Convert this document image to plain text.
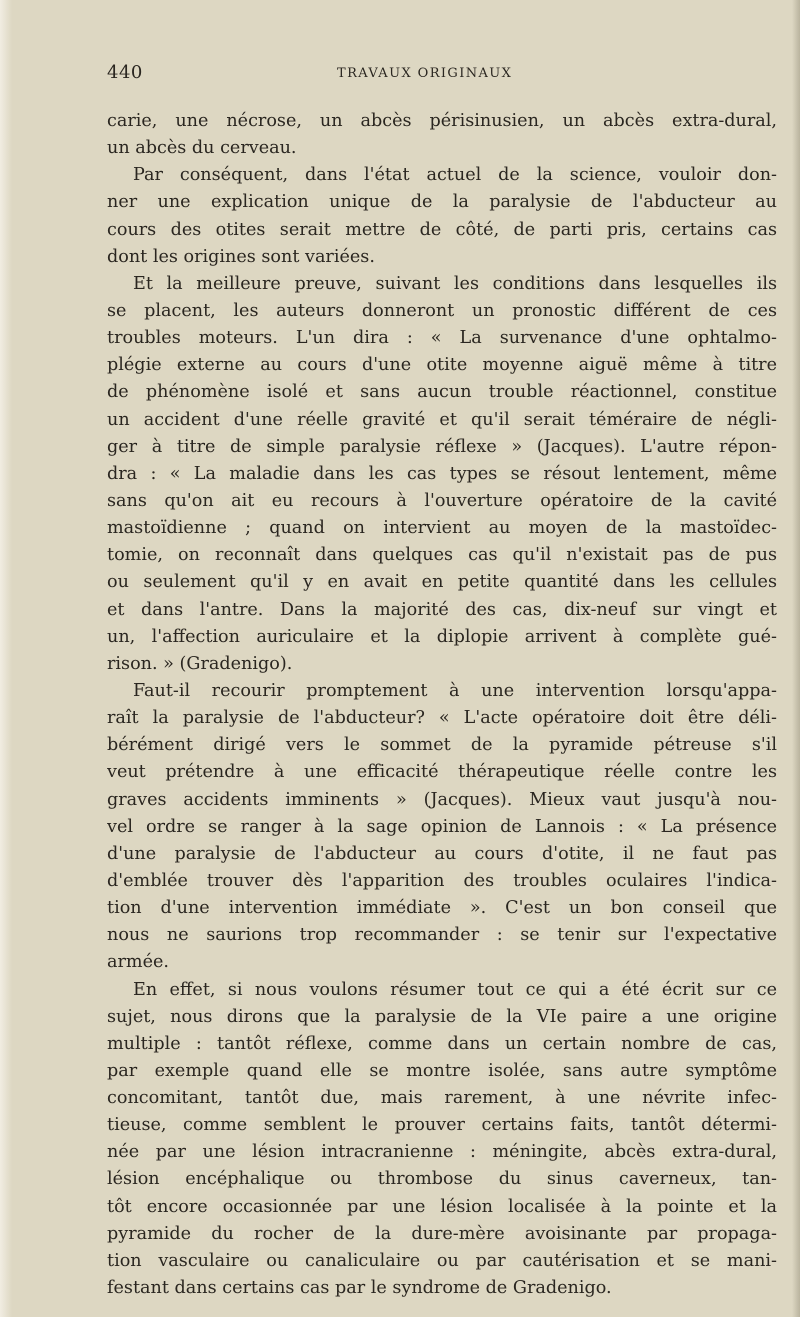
440	TRAVAUX ORIGINAUX
carie, une nécrose, un abcès périsinusien, un abcès extra-dural,
un abcès du cerveau.
Par conséquent, dans l'état actuel de la science, vouloir don-
ner une explication unique de la paralysie de l'abducteur au
cours des otites serait mettre de côté, de parti pris, certains cas
dont les origines sont variées.
Et la meilleure preuve, suivant les conditions dans lesquelles ils
se placent, les auteurs donneront un pronostic différent de ces
troubles moteurs. L'un dira : « La survenance d'une ophtalmo-
plégie externe au cours d'une otite moyenne aiguë même à titre
de phénomène isolé et sans aucun trouble réactionnel, constitue
un accident d'une réelle gravité et qu'il serait téméraire de négli-
ger à titre de simple paralysie réflexe » (Jacques). L'autre répon-
dra : « La maladie dans les cas types se résout lentement, même
sans qu'on ait eu recours à l'ouverture opératoire de la cavité
mastoïdienne ; quand on intervient au moyen de la mastoïdec-
tomie, on reconnaît dans quelques cas qu'il n'existait pas de pus
ou seulement qu'il y en avait en petite quantité dans les cellules
et dans l'antre. Dans la majorité des cas, dix-neuf sur vingt et
un, l'affection auriculaire et la diplopie arrivent à complète gué-
rison. » (Gradenigo).
Faut-il recourir promptement à une intervention lorsqu'appa-
raît la paralysie de l'abducteur? « L'acte opératoire doit être déli-
bérément dirigé vers le sommet de la pyramide pétreuse s'il
veut prétendre à une efficacité thérapeutique réelle contre les
graves accidents imminents » (Jacques). Mieux vaut jusqu'à nou-
vel ordre se ranger à la sage opinion de Lannois : « La présence
d'une paralysie de l'abducteur au cours d'otite, il ne faut pas
d'emblée trouver dès l'apparition des troubles oculaires l'indica-
tion d'une intervention immédiate ». C'est un bon conseil que
nous ne saurions trop recommander : se tenir sur l'expectative
armée.
En effet, si nous voulons résumer tout ce qui a été écrit sur ce
sujet, nous dirons que la paralysie de la VIe paire a une origine
multiple : tantôt réflexe, comme dans un certain nombre de cas,
par exemple quand elle se montre isolée, sans autre symptôme
concomitant, tantôt due, mais rarement, à une névrite infec-
tieuse, comme semblent le prouver certains faits, tantôt détermi-
née par une lésion intracranienne : méningite, abcès extra-dural,
lésion encéphalique ou thrombose du sinus caverneux, tan-
tôt encore occasionnée par une lésion localisée à la pointe et la
pyramide du rocher de la dure-mère avoisinante par propaga-
tion vasculaire ou canaliculaire ou par cautérisation et se mani-
festant dans certains cas par le syndrome de Gradenigo.
